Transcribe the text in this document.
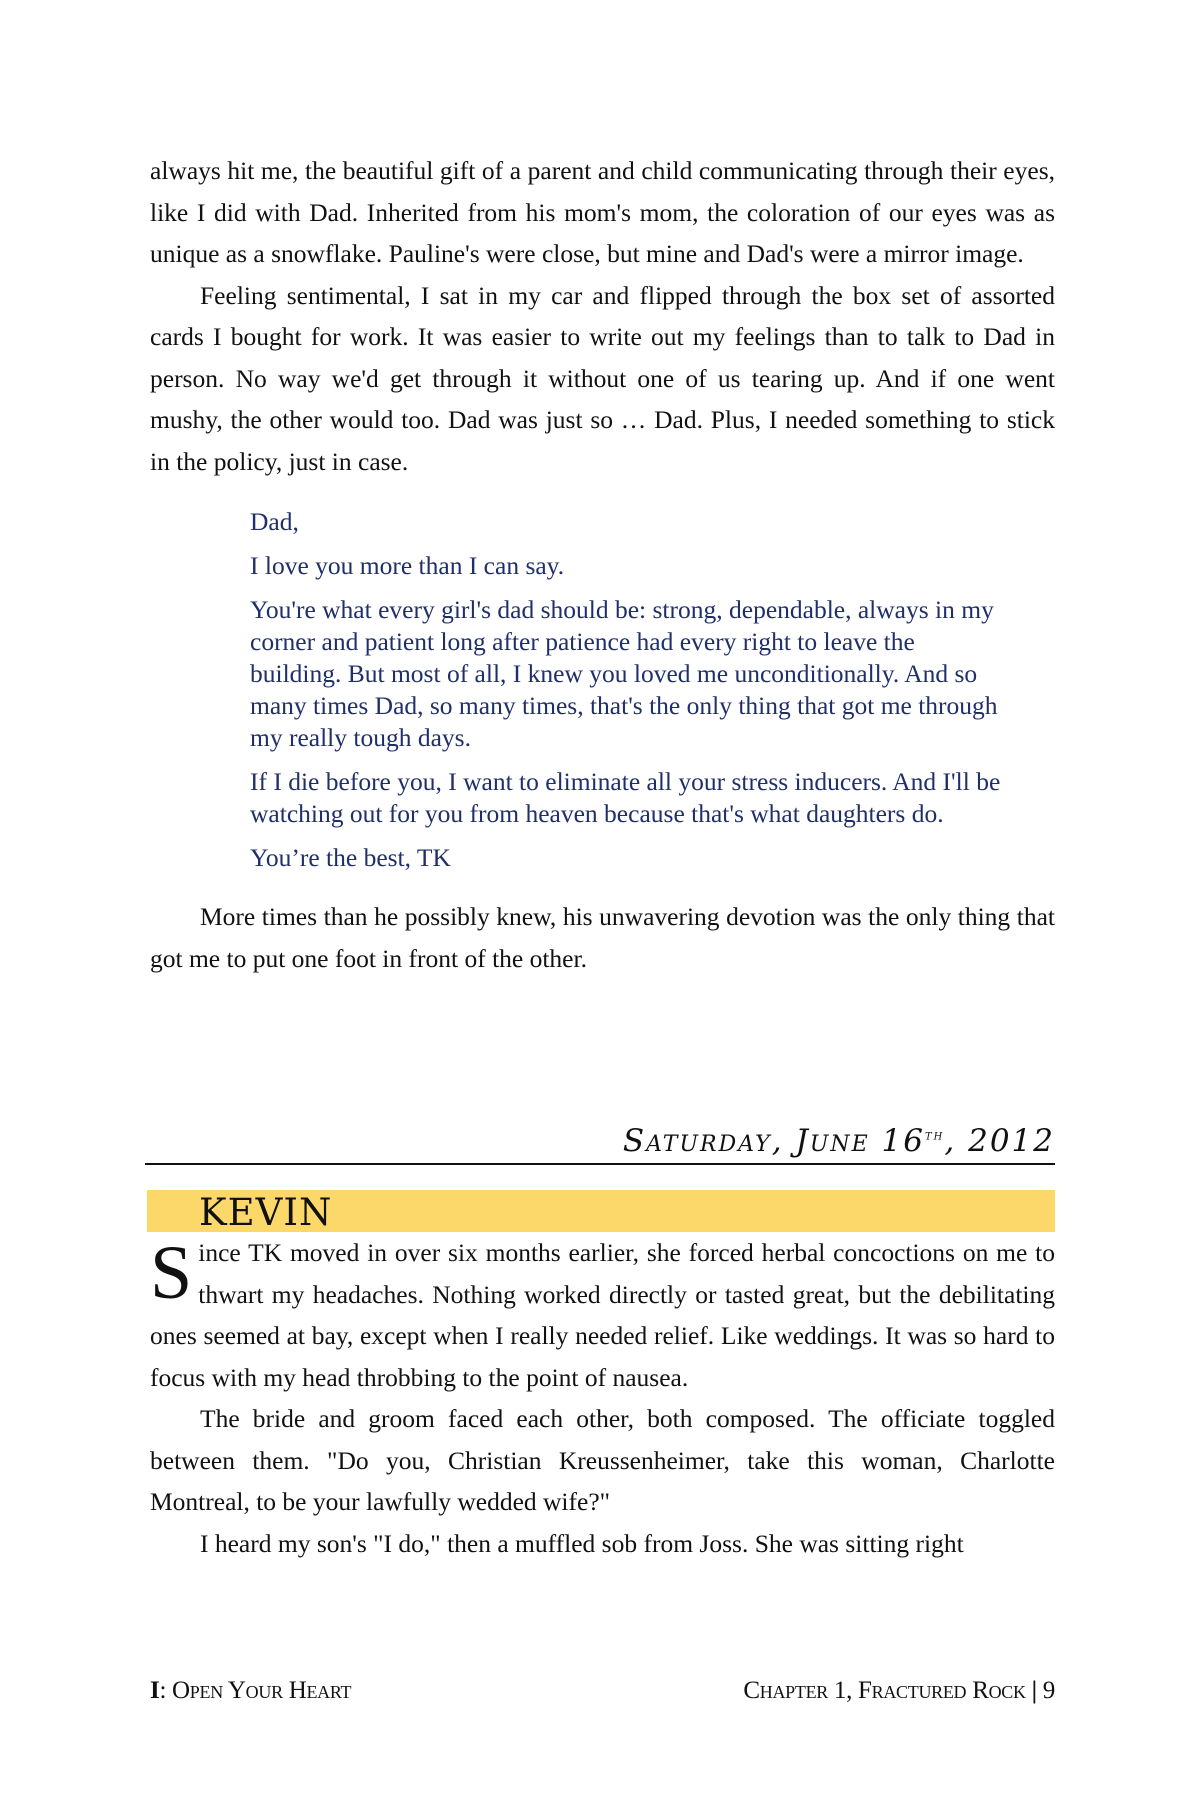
always hit me, the beautiful gift of a parent and child communicating through their eyes, like I did with Dad. Inherited from his mom's mom, the coloration of our eyes was as unique as a snowflake. Pauline's were close, but mine and Dad's were a mirror image.

Feeling sentimental, I sat in my car and flipped through the box set of assorted cards I bought for work. It was easier to write out my feelings than to talk to Dad in person. No way we'd get through it without one of us tearing up. And if one went mushy, the other would too. Dad was just so … Dad. Plus, I needed something to stick in the policy, just in case.

Dad,

I love you more than I can say.

You're what every girl's dad should be: strong, dependable, always in my corner and patient long after patience had every right to leave the building. But most of all, I knew you loved me unconditionally. And so many times Dad, so many times, that's the only thing that got me through my really tough days.

If I die before you, I want to eliminate all your stress inducers. And I'll be watching out for you from heaven because that's what daughters do.

You’re the best, TK

More times than he possibly knew, his unwavering devotion was the only thing that got me to put one foot in front of the other.

Saturday, June 16th, 2012
KEVIN

Since TK moved in over six months earlier, she forced herbal concoctions on me to thwart my headaches. Nothing worked directly or tasted great, but the debilitating ones seemed at bay, except when I really needed relief. Like weddings. It was so hard to focus with my head throbbing to the point of nausea.

The bride and groom faced each other, both composed. The officiate toggled between them. "Do you, Christian Kreussenheimer, take this woman, Charlotte Montreal, to be your lawfully wedded wife?"

I heard my son's "I do," then a muffled sob from Joss. She was sitting right

I: Open Your Heart	Chapter 1, Fractured Rock | 9
